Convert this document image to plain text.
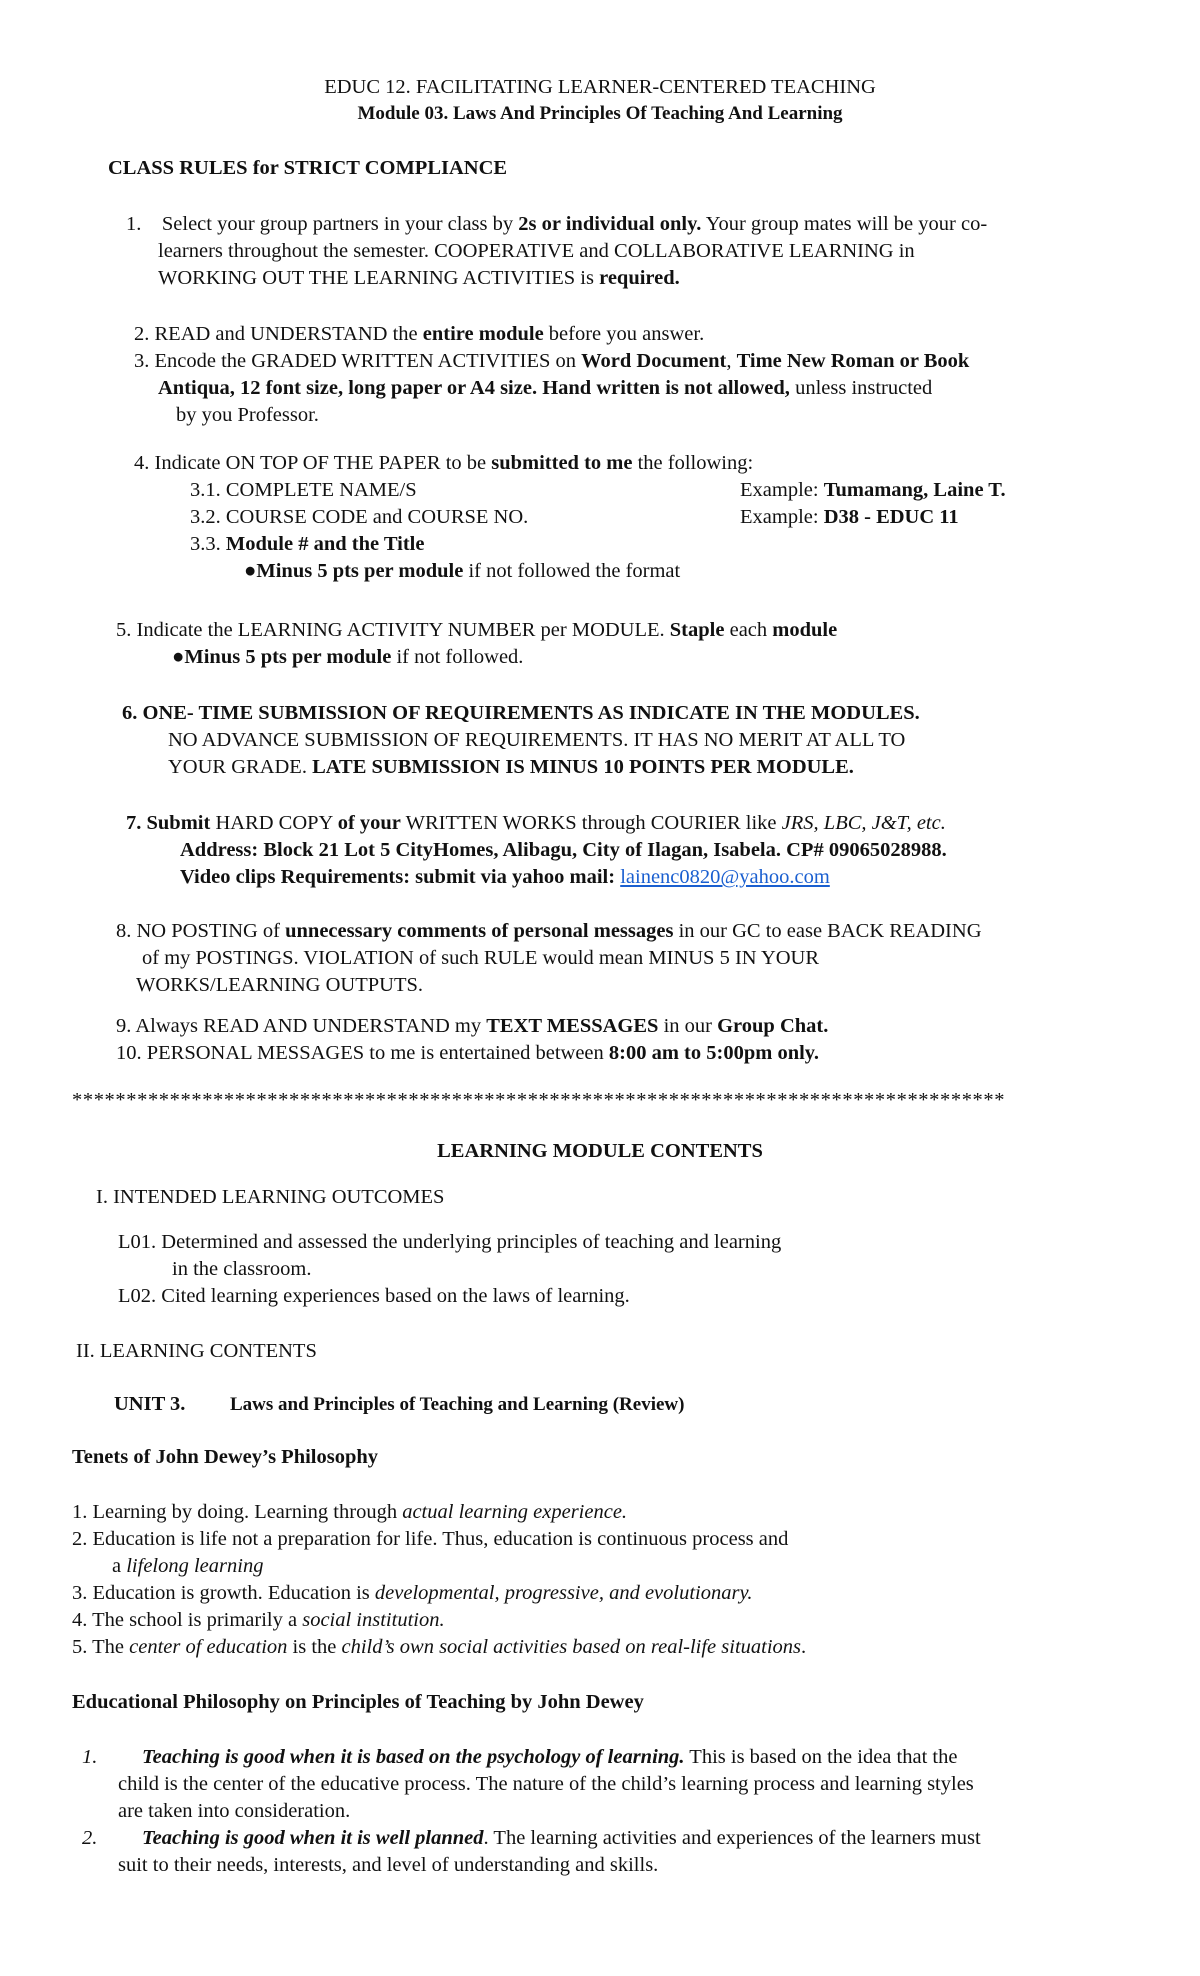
EDUC 12. FACILITATING LEARNER-CENTERED TEACHING
Module 03. Laws And Principles Of Teaching And Learning
CLASS RULES for STRICT COMPLIANCE
1. Select your group partners in your class by 2s or individual only. Your group mates will be your co-
learners throughout the semester. COOPERATIVE and COLLABORATIVE LEARNING in
WORKING OUT THE LEARNING ACTIVITIES is required.
2. READ and UNDERSTAND the entire module before you answer.
3. Encode the GRADED WRITTEN ACTIVITIES on Word Document, Time New Roman or Book
Antiqua, 12 font size, long paper or A4 size. Hand written is not allowed, unless instructed
by you Professor.
4. Indicate ON TOP OF THE PAPER to be submitted to me the following:
3.1. COMPLETE NAME/S	Example: Tumamang, Laine T.
3.2. COURSE CODE and COURSE NO.	Example: D38 - EDUC 11
3.3. Module # and the Title
●Minus 5 pts per module if not followed the format
5. Indicate the LEARNING ACTIVITY NUMBER per MODULE. Staple each module
●Minus 5 pts per module if not followed.
6. ONE- TIME SUBMISSION OF REQUIREMENTS AS INDICATE IN THE MODULES.
NO ADVANCE SUBMISSION OF REQUIREMENTS. IT HAS NO MERIT AT ALL TO
YOUR GRADE. LATE SUBMISSION IS MINUS 10 POINTS PER MODULE.
7. Submit HARD COPY of your WRITTEN WORKS through COURIER like JRS, LBC, J&T, etc.
Address: Block 21 Lot 5 CityHomes, Alibagu, City of Ilagan, Isabela. CP# 09065028988.
Video clips Requirements: submit via yahoo mail: lainenc0820@yahoo.com
8. NO POSTING of unnecessary comments of personal messages in our GC to ease BACK READING
of my POSTINGS. VIOLATION of such RULE would mean MINUS 5 IN YOUR
WORKS/LEARNING OUTPUTS.
9. Always READ AND UNDERSTAND my TEXT MESSAGES in our Group Chat.
10. PERSONAL MESSAGES to me is entertained between 8:00 am to 5:00pm only.
**************************************************************************************
LEARNING MODULE CONTENTS
I. INTENDED LEARNING OUTCOMES
L01. Determined and assessed the underlying principles of teaching and learning
in the classroom.
L02. Cited learning experiences based on the laws of learning.
II. LEARNING CONTENTS
UNIT 3. Laws and Principles of Teaching and Learning (Review)
Tenets of John Dewey’s Philosophy
1. Learning by doing. Learning through actual learning experience.
2. Education is life not a preparation for life. Thus, education is continuous process and
a lifelong learning
3. Education is growth. Education is developmental, progressive, and evolutionary.
4. The school is primarily a social institution.
5. The center of education is the child’s own social activities based on real-life situations.
Educational Philosophy on Principles of Teaching by John Dewey
1. Teaching is good when it is based on the psychology of learning. This is based on the idea that the
child is the center of the educative process. The nature of the child’s learning process and learning styles
are taken into consideration.
2. Teaching is good when it is well planned. The learning activities and experiences of the learners must
suit to their needs, interests, and level of understanding and skills.
